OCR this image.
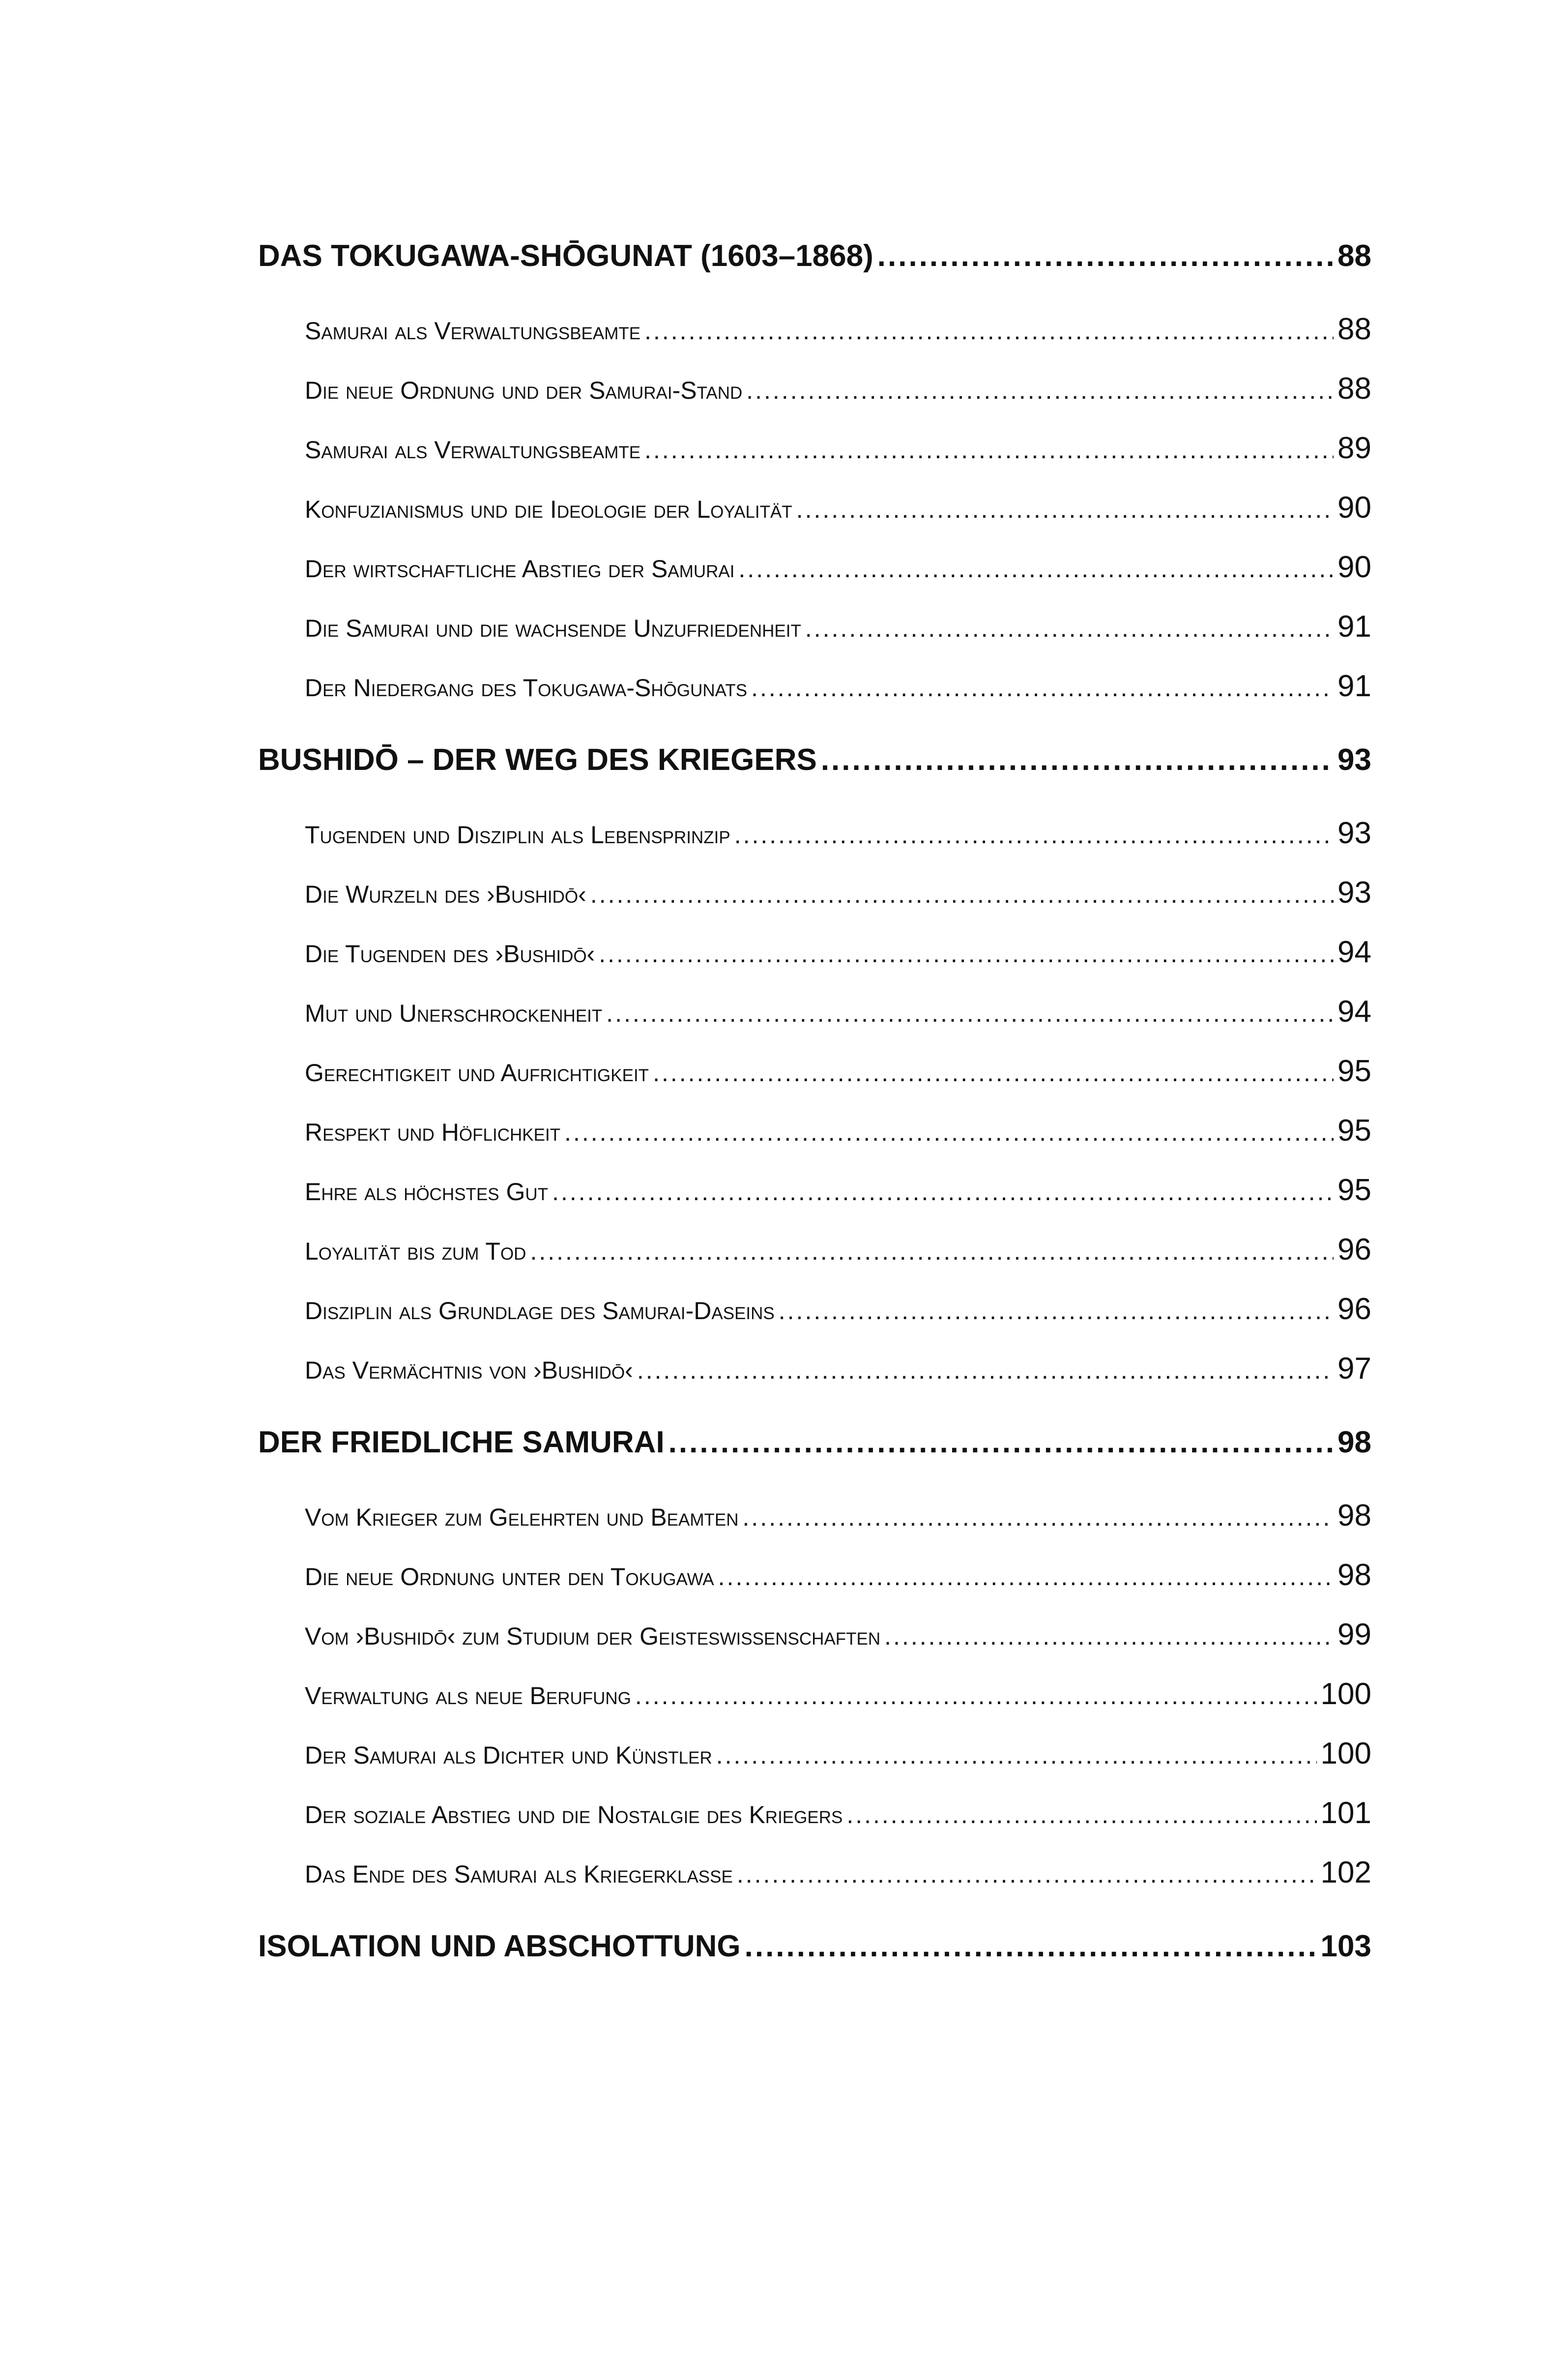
DAS TOKUGAWA-SHŌGUNAT (1603–1868) .....	88
Samurai als Verwaltungsbeamte .....	88
Die neue Ordnung und der Samurai-Stand .....	88
Samurai als Verwaltungsbeamte .....	89
Konfuzianismus und die Ideologie der Loyalität .....	90
Der wirtschaftliche Abstieg der Samurai .....	90
Die Samurai und die wachsende Unzufriedenheit .....	91
Der Niedergang des Tokugawa-Shōgunats .....	91
BUSHIDŌ – DER WEG DES KRIEGERS .....	93
Tugenden und Disziplin als Lebensprinzip .....	93
Die Wurzeln des ›Bushidō‹ .....	93
Die Tugenden des ›Bushidō‹ .....	94
Mut und Unerschrockenheit .....	94
Gerechtigkeit und Aufrichtigkeit .....	95
Respekt und Höflichkeit .....	95
Ehre als höchstes Gut .....	95
Loyalität bis zum Tod .....	96
Disziplin als Grundlage des Samurai-Daseins .....	96
Das Vermächtnis von ›Bushidō‹ .....	97
DER FRIEDLICHE SAMURAI .....	98
Vom Krieger zum Gelehrten und Beamten .....	98
Die neue Ordnung unter den Tokugawa .....	98
Vom ›Bushidō‹ zum Studium der Geisteswissenschaften .....	99
Verwaltung als neue Berufung .....	100
Der Samurai als Dichter und Künstler .....	100
Der soziale Abstieg und die Nostalgie des Kriegers .....	101
Das Ende des Samurai als Kriegerklasse .....	102
ISOLATION UND ABSCHOTTUNG .....	103
